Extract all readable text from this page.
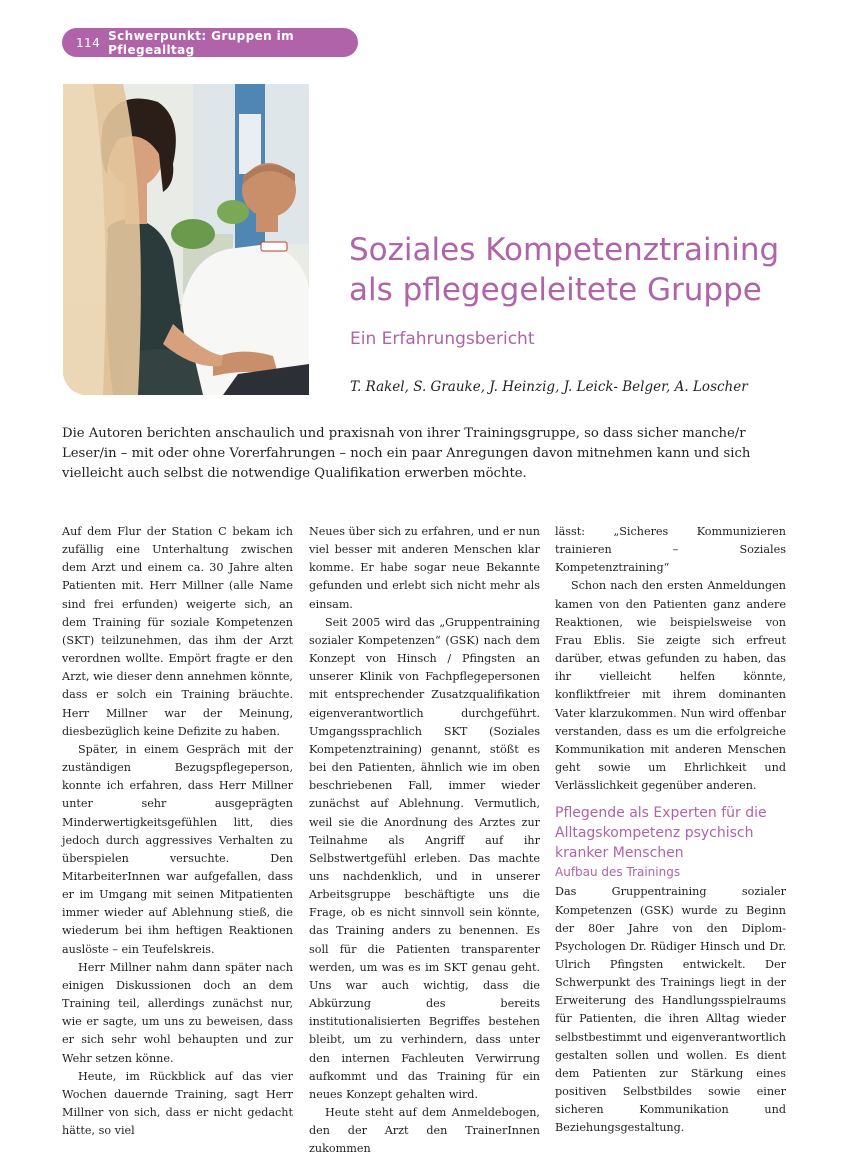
114 Schwerpunkt: Gruppen im Pflegealltag
Soziales Kompetenztraining als pflegegeleitete Gruppe
Ein Erfahrungsbericht

T. Rakel, S. Grauke, J. Heinzig, J. Leick- Belger, A. Loscher

Die Autoren berichten anschaulich und praxisnah von ihrer Trainingsgruppe, so dass sicher manche/r Leser/in – mit oder ohne Vorerfahrungen – noch ein paar Anregungen davon mitnehmen kann und sich vielleicht auch selbst die notwendige Qualifikation erwerben möchte.

Auf dem Flur der Station C bekam ich zufällig eine Unterhaltung zwischen dem Arzt und einem ca. 30 Jahre alten Patienten mit. Herr Millner (alle Name sind frei erfunden) weigerte sich, an dem Training für soziale Kompetenzen (SKT) teilzunehmen, das ihm der Arzt verordnen wollte. Empört fragte er den Arzt, wie dieser denn annehmen könnte, dass er solch ein Training bräuchte. Herr Millner war der Meinung, diesbezüglich keine Defizite zu haben.

Später, in einem Gespräch mit der zuständigen Bezugspflegeperson, konnte ich erfahren, dass Herr Millner unter sehr ausgeprägten Minderwertigkeitsgefühlen litt, dies jedoch durch aggressives Verhalten zu überspielen versuchte. Den MitarbeiterInnen war aufgefallen, dass er im Umgang mit seinen Mitpatienten immer wieder auf Ablehnung stieß, die wiederum bei ihm heftigen Reaktionen auslöste – ein Teufelskreis.

Herr Millner nahm dann später nach einigen Diskussionen doch an dem Training teil, allerdings zunächst nur, wie er sagte, um uns zu beweisen, dass er sich sehr wohl behaupten und zur Wehr setzen könne.

Heute, im Rückblick auf das vier Wochen dauernde Training, sagt Herr Millner von sich, dass er nicht gedacht hätte, so viel

Neues über sich zu erfahren, und er nun viel besser mit anderen Menschen klar komme. Er habe sogar neue Bekannte gefunden und erlebt sich nicht mehr als einsam.

Seit 2005 wird das „Gruppentraining sozialer Kompetenzen“ (GSK) nach dem Konzept von Hinsch / Pfingsten an unserer Klinik von Fachpflegepersonen mit entsprechender Zusatzqualifikation eigenverantwortlich durchgeführt. Umgangssprachlich SKT (Soziales Kompetenztraining) genannt, stößt es bei den Patienten, ähnlich wie im oben beschriebenen Fall, immer wieder zunächst auf Ablehnung. Vermutlich, weil sie die Anordnung des Arztes zur Teilnahme als Angriff auf ihr Selbstwertgefühl erleben. Das machte uns nachdenklich, und in unserer Arbeitsgruppe beschäftigte uns die Frage, ob es nicht sinnvoll sein könnte, das Training anders zu benennen. Es soll für die Patienten transparenter werden, um was es im SKT genau geht. Uns war auch wichtig, dass die Abkürzung des bereits institutionalisierten Begriffes bestehen bleibt, um zu verhindern, dass unter den internen Fachleuten Verwirrung aufkommt und das Training für ein neues Konzept gehalten wird.

Heute steht auf dem Anmeldebogen, den der Arzt den TrainerInnen zukommen

lässt: „Sicheres Kommunizieren trainieren – Soziales Kompetenztraining“

Schon nach den ersten Anmeldungen kamen von den Patienten ganz andere Reaktionen, wie beispielsweise von Frau Eblis. Sie zeigte sich erfreut darüber, etwas gefunden zu haben, das ihr vielleicht helfen könnte, konfliktfreier mit ihrem dominanten Vater klarzukommen. Nun wird offenbar verstanden, dass es um die erfolgreiche Kommunikation mit anderen Menschen geht sowie um Ehrlichkeit und Verlässlichkeit gegenüber anderen.

Pflegende als Experten für die Alltagskompetenz psychisch kranker Menschen
Aufbau des Trainings

Das Gruppentraining sozialer Kompetenzen (GSK) wurde zu Beginn der 80er Jahre von den Diplom-Psychologen Dr. Rüdiger Hinsch und Dr. Ulrich Pfingsten entwickelt. Der Schwerpunkt des Trainings liegt in der Erweiterung des Handlungsspielraums für Patienten, die ihren Alltag wieder selbstbestimmt und eigenverantwortlich gestalten sollen und wollen. Es dient dem Patienten zur Stärkung eines positiven Selbstbildes sowie einer sicheren Kommunikation und Beziehungsgestaltung.
